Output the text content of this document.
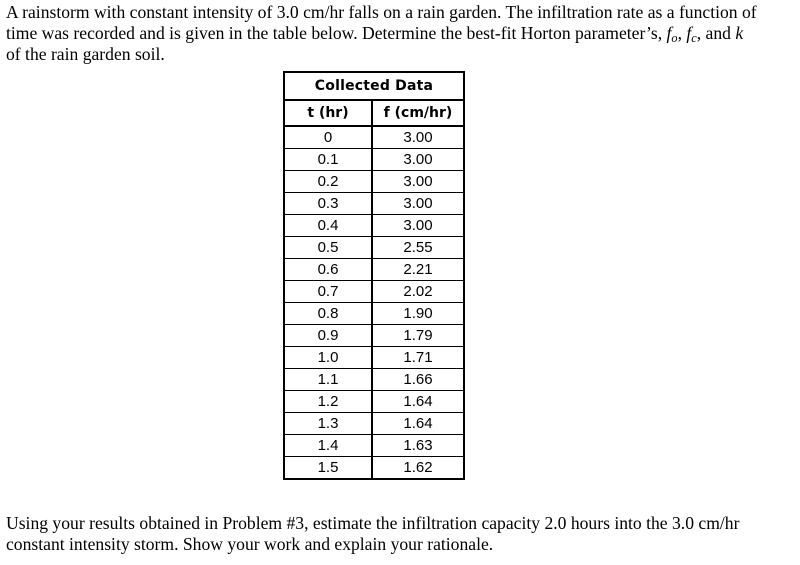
A rainstorm with constant intensity of 3.0 cm/hr falls on a rain garden. The infiltration rate as a function of
time was recorded and is given in the table below. Determine the best-fit Horton parameter’s, $f_o$, $f_c$, and k
of the rain garden soil.

Collected Data	
t (hr)	f (cm/hr)
0	3.00
0.1	3.00
0.2	3.00
0.3	3.00
0.4	3.00
0.5	2.55
0.6	2.21
0.7	2.02
0.8	1.90
0.9	1.79
1.0	1.71
1.1	1.66
1.2	1.64
1.3	1.64
1.4	1.63
1.5	1.62

Using your results obtained in Problem #3, estimate the infiltration capacity 2.0 hours into the 3.0 cm/hr
constant intensity storm. Show your work and explain your rationale.
